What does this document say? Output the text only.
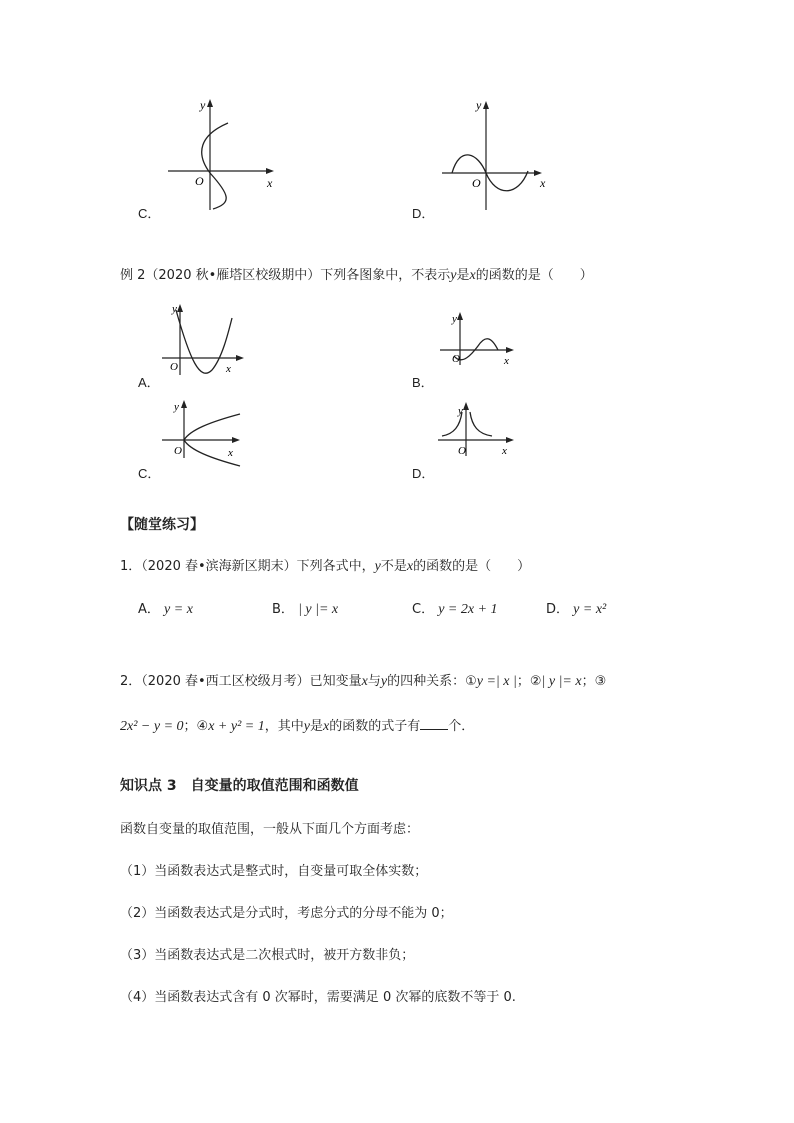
y
x
O
C．
y
x
O
D．
例 2（2020 秋•雁塔区校级期中）下列各图象中，不表示y是x的函数的是（　　）
y
x
O
A．
y
x
O
B．
y
x
O
C．
y
x
O
D．
【随堂练习】
1．（2020 春•滨海新区期末）下列各式中，y不是x的函数的是（　　）
A． y = x	B． | y |= x	C． y = 2x + 1	D． y = x²
2．（2020 春•西工区校级月考）已知变量x与y的四种关系：①y =| x |；②| y |= x；③
2x² − y = 0；④x + y² = 1，其中y是x的函数的式子有 个．
知识点 3　自变量的取值范围和函数值
函数自变量的取值范围，一般从下面几个方面考虑：
（1）当函数表达式是整式时，自变量可取全体实数；
（2）当函数表达式是分式时，考虑分式的分母不能为 0；
（3）当函数表达式是二次根式时，被开方数非负；
（4）当函数表达式含有 0 次幂时，需要满足 0 次幂的底数不等于 0.
